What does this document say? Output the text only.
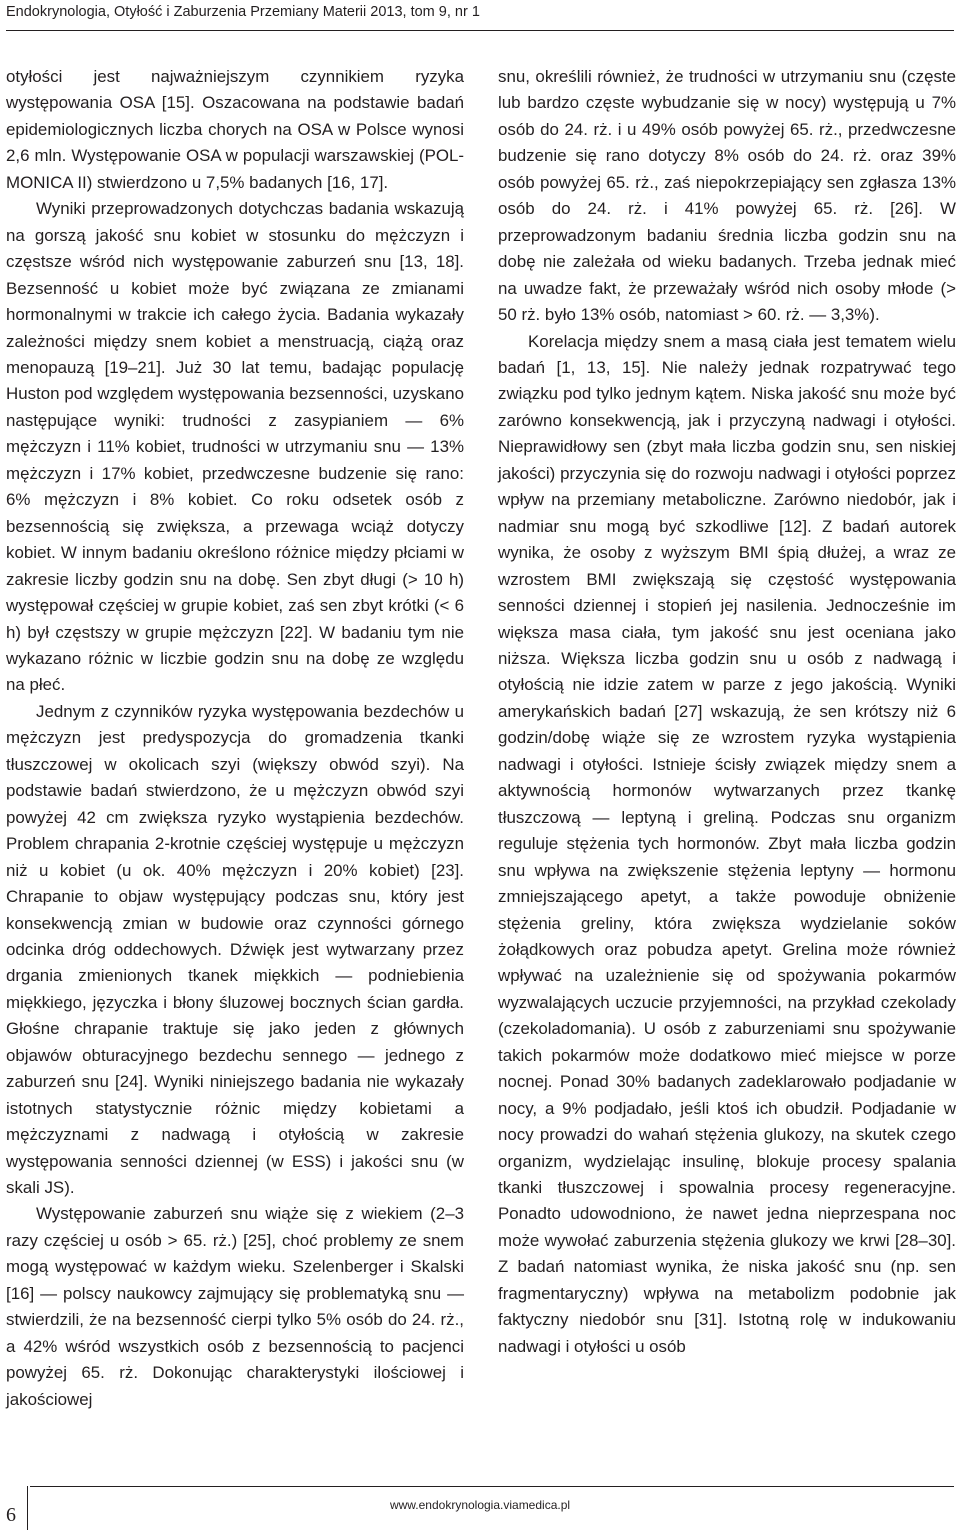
Endokrynologia, Otyłość i Zaburzenia Przemiany Materii 2013, tom 9, nr 1

otyłości jest najważniejszym czynnikiem ryzyka występowania OSA [15]. Oszacowana na podstawie badań epidemiologicznych liczba chorych na OSA w Polsce wynosi 2,6 mln. Występowanie OSA w populacji warszawskiej (POL-MONICA II) stwierdzono u 7,5% badanych [16, 17].

Wyniki przeprowadzonych dotychczas badania wskazują na gorszą jakość snu kobiet w stosunku do mężczyzn i częstsze wśród nich występowanie zaburzeń snu [13, 18]. Bezsenność u kobiet może być związana ze zmianami hormonalnymi w trakcie ich całego życia. Badania wykazały zależności między snem kobiet a menstruacją, ciążą oraz menopauzą [19–21]. Już 30 lat temu, badając populację Huston pod względem występowania bezsenności, uzyskano następujące wyniki: trudności z zasypianiem — 6% mężczyzn i 11% kobiet, trudności w utrzymaniu snu — 13% mężczyzn i 17% kobiet, przedwczesne budzenie się rano: 6% mężczyzn i 8% kobiet. Co roku odsetek osób z bezsennością się zwiększa, a przewaga wciąż dotyczy kobiet. W innym badaniu określono różnice między płciami w zakresie liczby godzin snu na dobę. Sen zbyt długi (> 10 h) występował częściej w grupie kobiet, zaś sen zbyt krótki (< 6 h) był częstszy w grupie mężczyzn [22]. W badaniu tym nie wykazano różnic w liczbie godzin snu na dobę ze względu na płeć.

Jednym z czynników ryzyka występowania bezdechów u mężczyzn jest predyspozycja do gromadzenia tkanki tłuszczowej w okolicach szyi (większy obwód szyi). Na podstawie badań stwierdzono, że u mężczyzn obwód szyi powyżej 42 cm zwiększa ryzyko wystąpienia bezdechów. Problem chrapania 2-krotnie częściej występuje u mężczyzn niż u kobiet (u ok. 40% mężczyzn i 20% kobiet) [23]. Chrapanie to objaw występujący podczas snu, który jest konsekwencją zmian w budowie oraz czynności górnego odcinka dróg oddechowych. Dźwięk jest wytwarzany przez drgania zmienionych tkanek miękkich — podniebienia miękkiego, języczka i błony śluzowej bocznych ścian gardła. Głośne chrapanie traktuje się jako jeden z głównych objawów obturacyjnego bezdechu sennego — jednego z zaburzeń snu [24]. Wyniki niniejszego badania nie wykazały istotnych statystycznie różnic między kobietami a mężczyznami z nadwagą i otyłością w zakresie występowania senności dziennej (w ESS) i jakości snu (w skali JS).

Występowanie zaburzeń snu wiąże się z wiekiem (2–3 razy częściej u osób > 65. rż.) [25], choć problemy ze snem mogą występować w każdym wieku. Szelenberger i Skalski [16] — polscy naukowcy zajmujący się problematyką snu — stwierdzili, że na bezsenność cierpi tylko 5% osób do 24. rż., a 42% wśród wszystkich osób z bezsennością to pacjenci powyżej 65. rż. Dokonując charakterystyki ilościowej i jakościowej

snu, określili również, że trudności w utrzymaniu snu (częste lub bardzo częste wybudzanie się w nocy) występują u 7% osób do 24. rż. i u 49% osób powyżej 65. rż., przedwczesne budzenie się rano dotyczy 8% osób do 24. rż. oraz 39% osób powyżej 65. rż., zaś niepokrzepiający sen zgłasza 13% osób do 24. rż. i 41% powyżej 65. rż. [26]. W przeprowadzonym badaniu średnia liczba godzin snu na dobę nie zależała od wieku badanych. Trzeba jednak mieć na uwadze fakt, że przeważały wśród nich osoby młode (> 50 rż. było 13% osób, natomiast > 60. rż. — 3,3%).

Korelacja między snem a masą ciała jest tematem wielu badań [1, 13, 15]. Nie należy jednak rozpatrywać tego związku pod tylko jednym kątem. Niska jakość snu może być zarówno konsekwencją, jak i przyczyną nadwagi i otyłości. Nieprawidłowy sen (zbyt mała liczba godzin snu, sen niskiej jakości) przyczynia się do rozwoju nadwagi i otyłości poprzez wpływ na przemiany metaboliczne. Zarówno niedobór, jak i nadmiar snu mogą być szkodliwe [12]. Z badań autorek wynika, że osoby z wyższym BMI śpią dłużej, a wraz ze wzrostem BMI zwiększają się częstość występowania senności dziennej i stopień jej nasilenia. Jednocześnie im większa masa ciała, tym jakość snu jest oceniana jako niższa. Większa liczba godzin snu u osób z nadwagą i otyłością nie idzie zatem w parze z jego jakością. Wyniki amerykańskich badań [27] wskazują, że sen krótszy niż 6 godzin/dobę wiąże się ze wzrostem ryzyka wystąpienia nadwagi i otyłości. Istnieje ścisły związek między snem a aktywnością hormonów wytwarzanych przez tkankę tłuszczową — leptyną i greliną. Podczas snu organizm reguluje stężenia tych hormonów. Zbyt mała liczba godzin snu wpływa na zwiększenie stężenia leptyny — hormonu zmniejszającego apetyt, a także powoduje obniżenie stężenia greliny, która zwiększa wydzielanie soków żołądkowych oraz pobudza apetyt. Grelina może również wpływać na uzależnienie się od spożywania pokarmów wyzwalających uczucie przyjemności, na przykład czekolady (czekoladomania). U osób z zaburzeniami snu spożywanie takich pokarmów może dodatkowo mieć miejsce w porze nocnej. Ponad 30% badanych zadeklarowało podjadanie w nocy, a 9% podjadało, jeśli ktoś ich obudził. Podjadanie w nocy prowadzi do wahań stężenia glukozy, na skutek czego organizm, wydzielając insulinę, blokuje procesy spalania tkanki tłuszczowej i spowalnia procesy regeneracyjne. Ponadto udowodniono, że nawet jedna nieprzespana noc może wywołać zaburzenia stężenia glukozy we krwi [28–30]. Z badań natomiast wynika, że niska jakość snu (np. sen fragmentaryczny) wpływa na metabolizm podobnie jak faktyczny niedobór snu [31]. Istotną rolę w indukowaniu nadwagi i otyłości u osób

6	www.endokrynologia.viamedica.pl
